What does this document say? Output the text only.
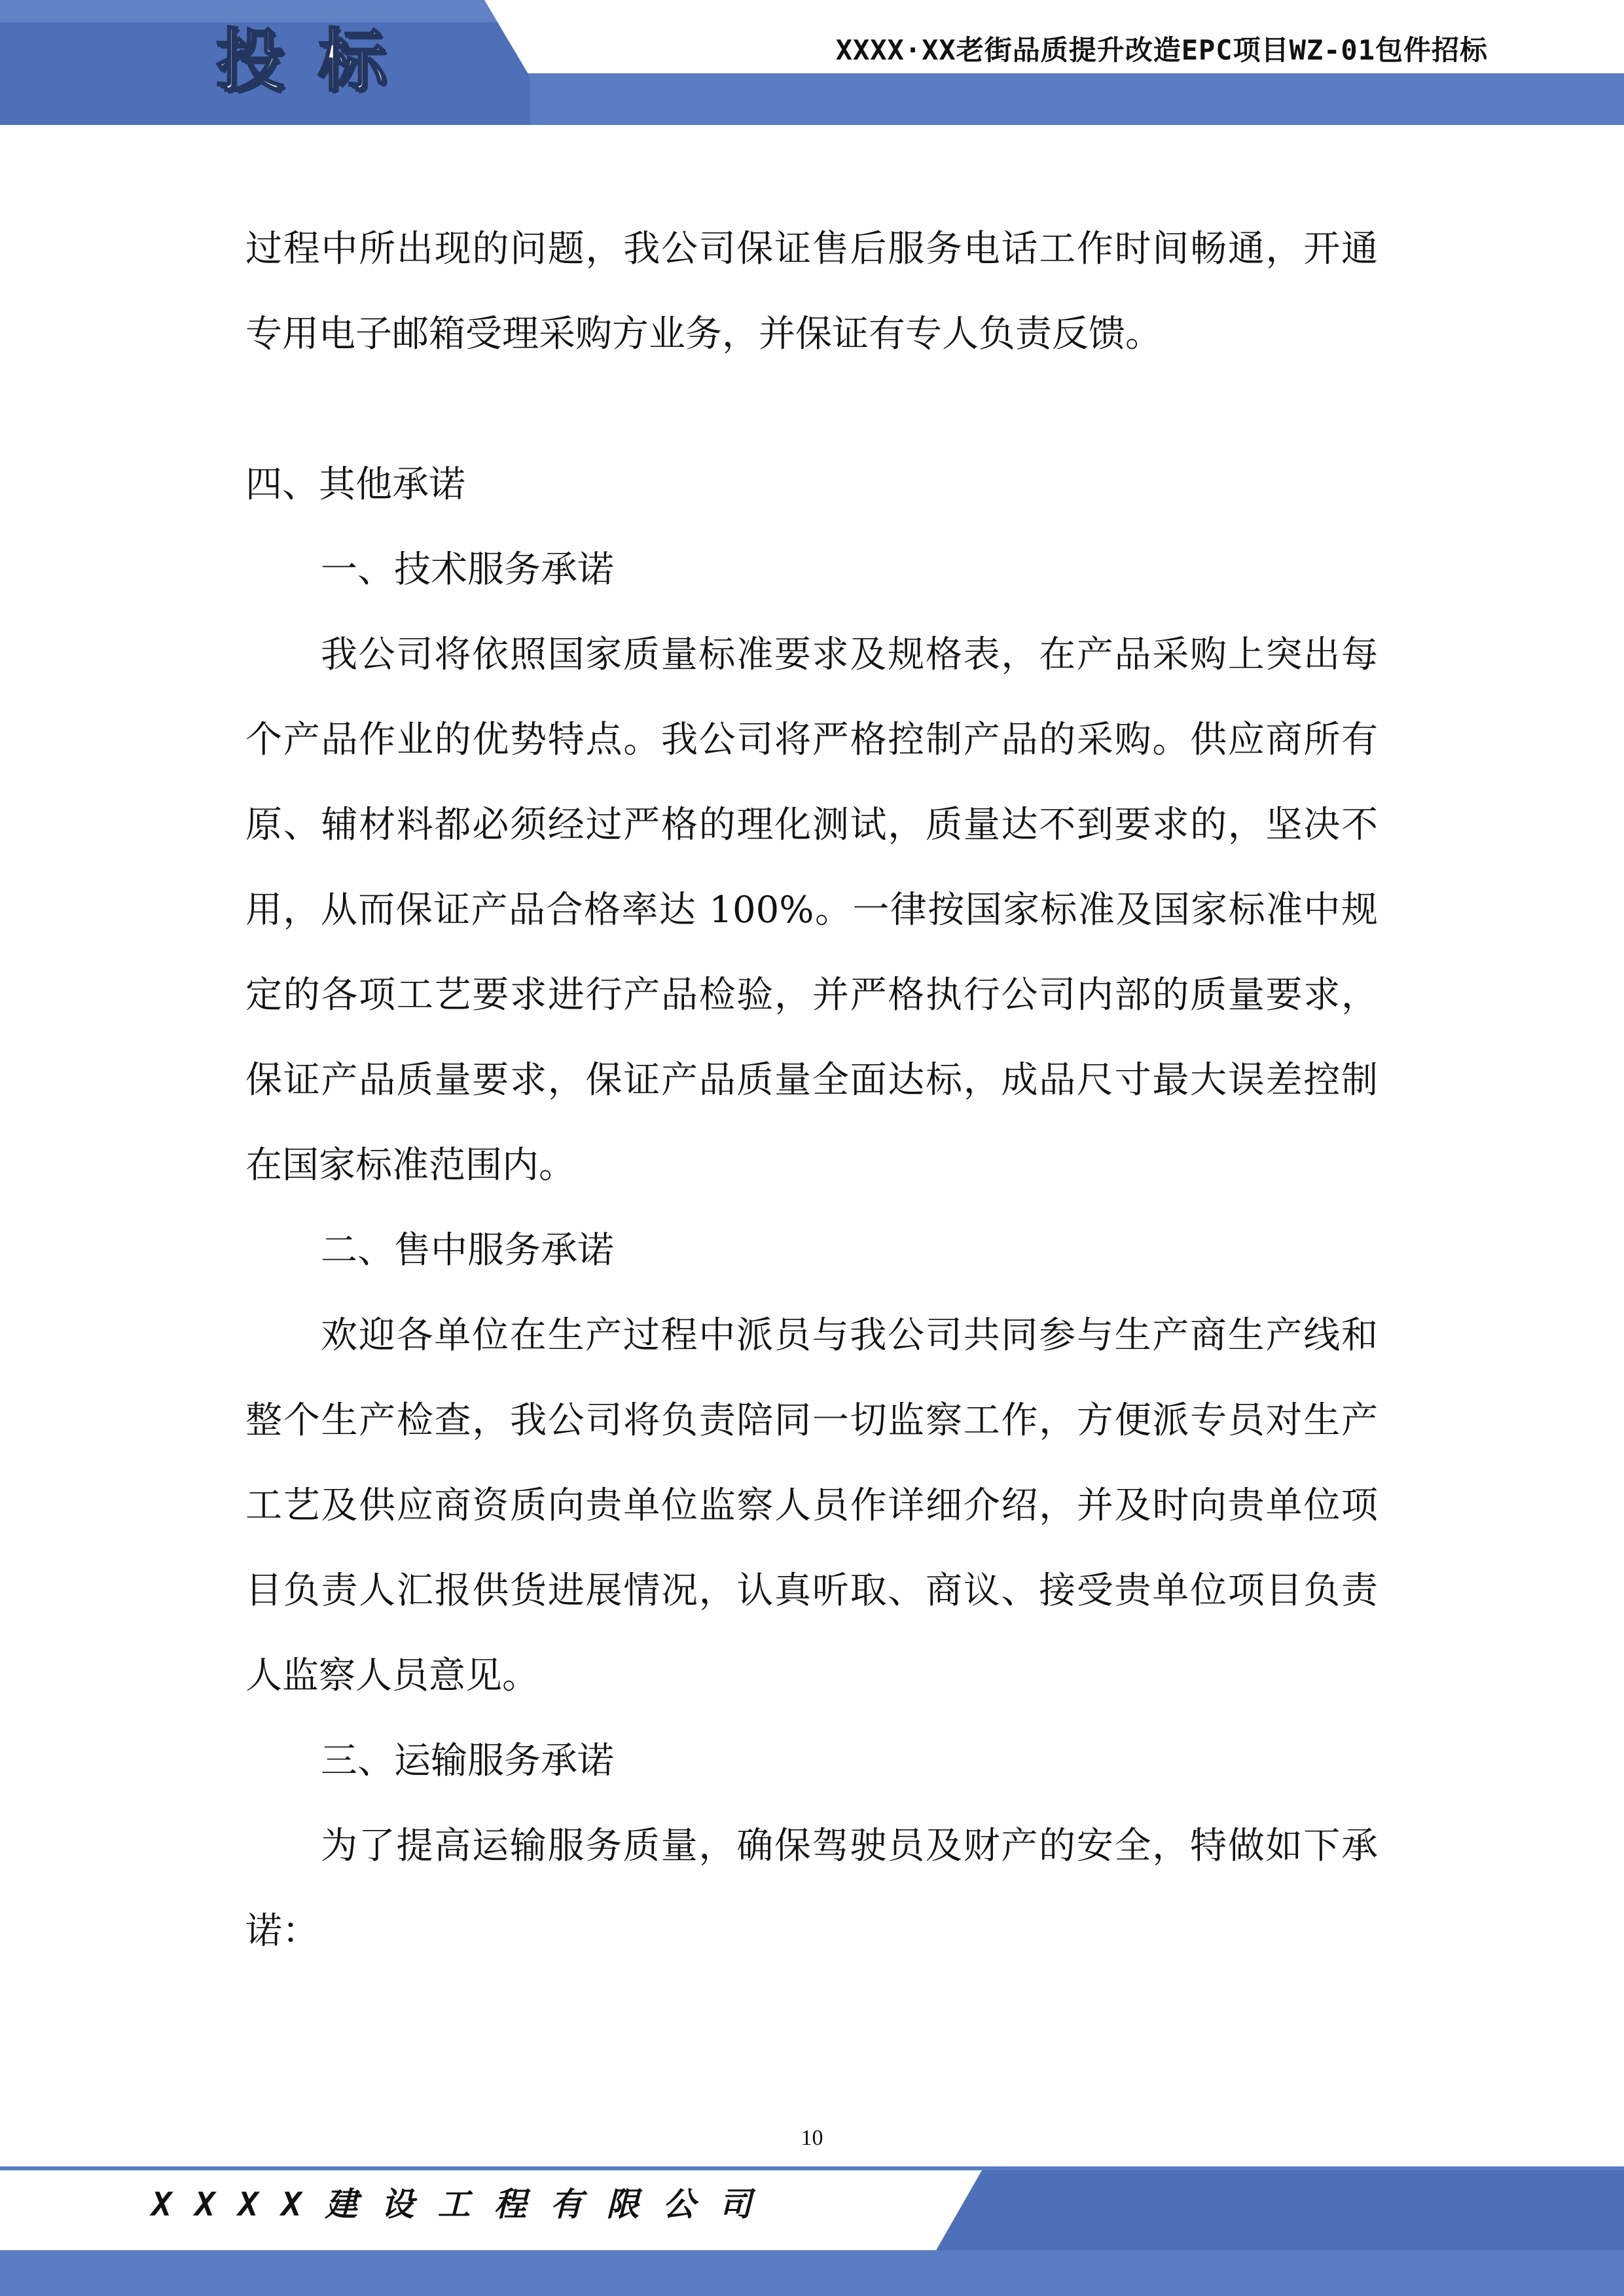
投标	XXXX·XX老街品质提升改造EPC项目WZ-01包件招标

过程中所出现的问题，我公司保证售后服务电话工作时间畅通，开通专用电子邮箱受理采购方业务，并保证有专人负责反馈。

四、其他承诺

一、技术服务承诺

我公司将依照国家质量标准要求及规格表，在产品采购上突出每个产品作业的优势特点。我公司将严格控制产品的采购。供应商所有原、辅材料都必须经过严格的理化测试，质量达不到要求的，坚决不用，从而保证产品合格率达 100%。一律按国家标准及国家标准中规定的各项工艺要求进行产品检验，并严格执行公司内部的质量要求，保证产品质量要求，保证产品质量全面达标，成品尺寸最大误差控制在国家标准范围内。

二、售中服务承诺

欢迎各单位在生产过程中派员与我公司共同参与生产商生产线和整个生产检查，我公司将负责陪同一切监察工作，方便派专员对生产工艺及供应商资质向贵单位监察人员作详细介绍，并及时向贵单位项目负责人汇报供货进展情况，认真听取、商议、接受贵单位项目负责人监察人员意见。

三、运输服务承诺

为了提高运输服务质量，确保驾驶员及财产的安全，特做如下承诺：

10
XXXX建设工程有限公司
